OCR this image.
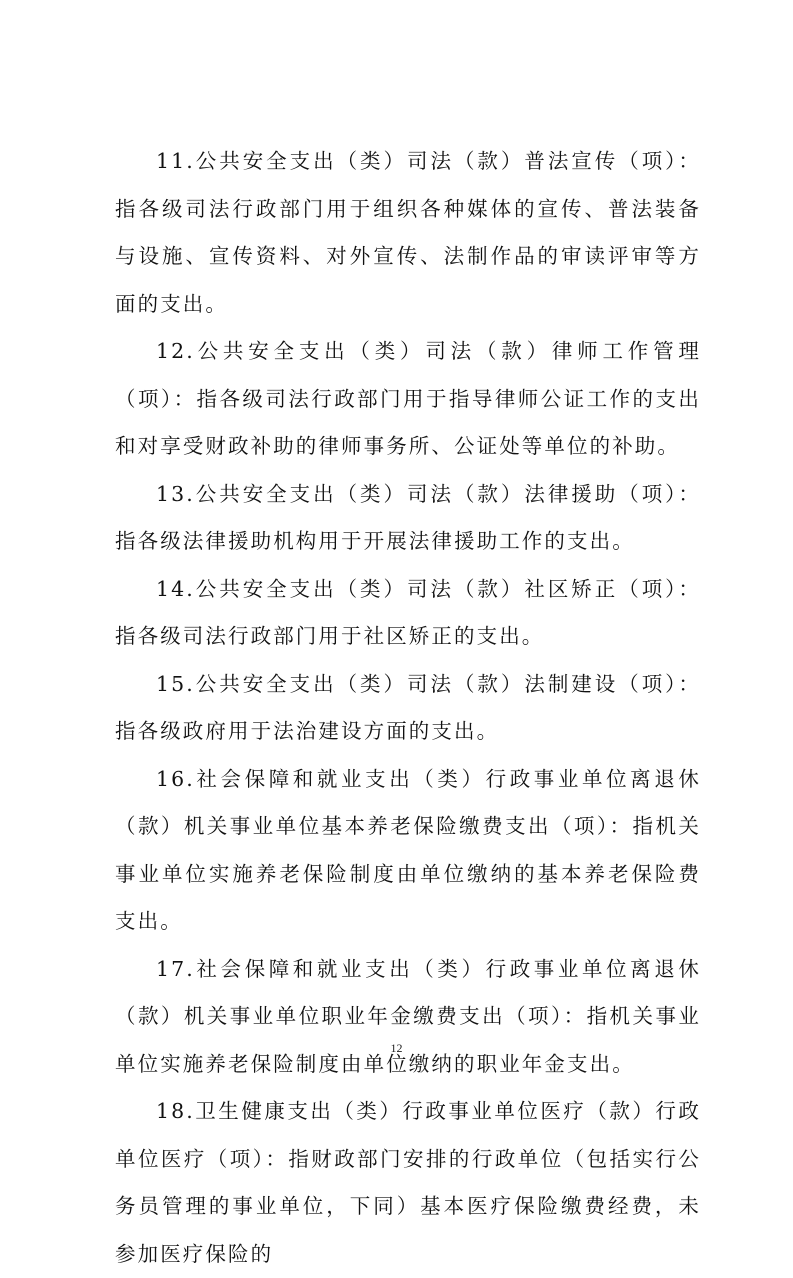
11.公共安全支出（类）司法（款）普法宣传（项）：指各级司法行政部门用于组织各种媒体的宣传、普法装备与设施、宣传资料、对外宣传、法制作品的审读评审等方面的支出。

12.公共安全支出（类）司法（款）律师工作管理（项）：指各级司法行政部门用于指导律师公证工作的支出和对享受财政补助的律师事务所、公证处等单位的补助。

13.公共安全支出（类）司法（款）法律援助（项）：指各级法律援助机构用于开展法律援助工作的支出。

14.公共安全支出（类）司法（款）社区矫正（项）：指各级司法行政部门用于社区矫正的支出。

15.公共安全支出（类）司法（款）法制建设（项）：指各级政府用于法治建设方面的支出。

16.社会保障和就业支出（类）行政事业单位离退休（款）机关事业单位基本养老保险缴费支出（项）：指机关事业单位实施养老保险制度由单位缴纳的基本养老保险费支出。

17.社会保障和就业支出（类）行政事业单位离退休（款）机关事业单位职业年金缴费支出（项）：指机关事业单位实施养老保险制度由单位缴纳的职业年金支出。

18.卫生健康支出（类）行政事业单位医疗（款）行政单位医疗（项）：指财政部门安排的行政单位（包括实行公务员管理的事业单位，下同）基本医疗保险缴费经费，未参加医疗保险的

12
